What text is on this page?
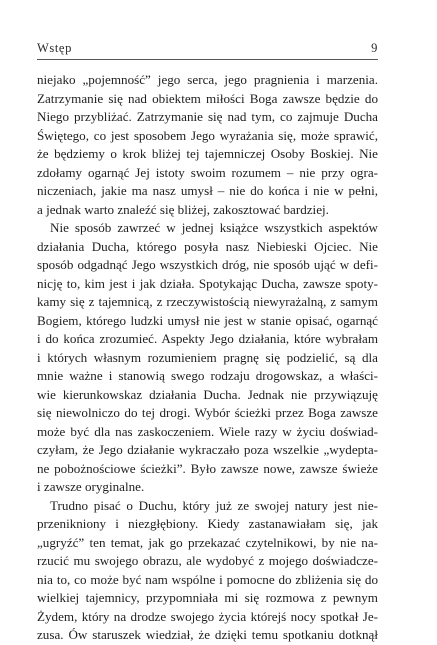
Wstęp	9
niejako „pojemność” jego serca, jego pragnienia i marzenia.
Zatrzymanie się nad obiektem miłości Boga zawsze będzie do
Niego przybliżać. Zatrzymanie się nad tym, co zajmuje Ducha
Świętego, co jest sposobem Jego wyrażania się, może sprawić,
że będziemy o krok bliżej tej tajemniczej Osoby Boskiej. Nie
zdołamy ogarnąć Jej istoty swoim rozumem – nie przy ogra-
niczeniach, jakie ma nasz umysł – nie do końca i nie w pełni,
a jednak warto znaleźć się bliżej, zakosztować bardziej.
Nie sposób zawrzeć w jednej książce wszystkich aspektów
działania Ducha, którego posyła nasz Niebieski Ojciec. Nie
sposób odgadnąć Jego wszystkich dróg, nie sposób ująć w defi-
nicję to, kim jest i jak działa. Spotykając Ducha, zawsze spoty-
kamy się z tajemnicą, z rzeczywistością niewyrażalną, z samym
Bogiem, którego ludzki umysł nie jest w stanie opisać, ogarnąć
i do końca zrozumieć. Aspekty Jego działania, które wybrałam
i których własnym rozumieniem pragnę się podzielić, są dla
mnie ważne i stanowią swego rodzaju drogowskaz, a właści-
wie kierunkowskaz działania Ducha. Jednak nie przywiązuję
się niewolniczo do tej drogi. Wybór ścieżki przez Boga zawsze
może być dla nas zaskoczeniem. Wiele razy w życiu doświad-
czyłam, że Jego działanie wykraczało poza wszelkie „wydepta-
ne pobożnościowe ścieżki”. Było zawsze nowe, zawsze świeże
i zawsze oryginalne.
Trudno pisać o Duchu, który już ze swojej natury jest nie-
przenikniony i niezgłębiony. Kiedy zastanawiałam się, jak
„ugryźć” ten temat, jak go przekazać czytelnikowi, by nie na-
rzucić mu swojego obrazu, ale wydobyć z mojego doświadcze-
nia to, co może być nam wspólne i pomocne do zbliżenia się do
wielkiej tajemnicy, przypomniała mi się rozmowa z pewnym
Żydem, który na drodze swojego życia którejś nocy spotkał Je-
zusa. Ów staruszek wiedział, że dzięki temu spotkaniu dotknął
